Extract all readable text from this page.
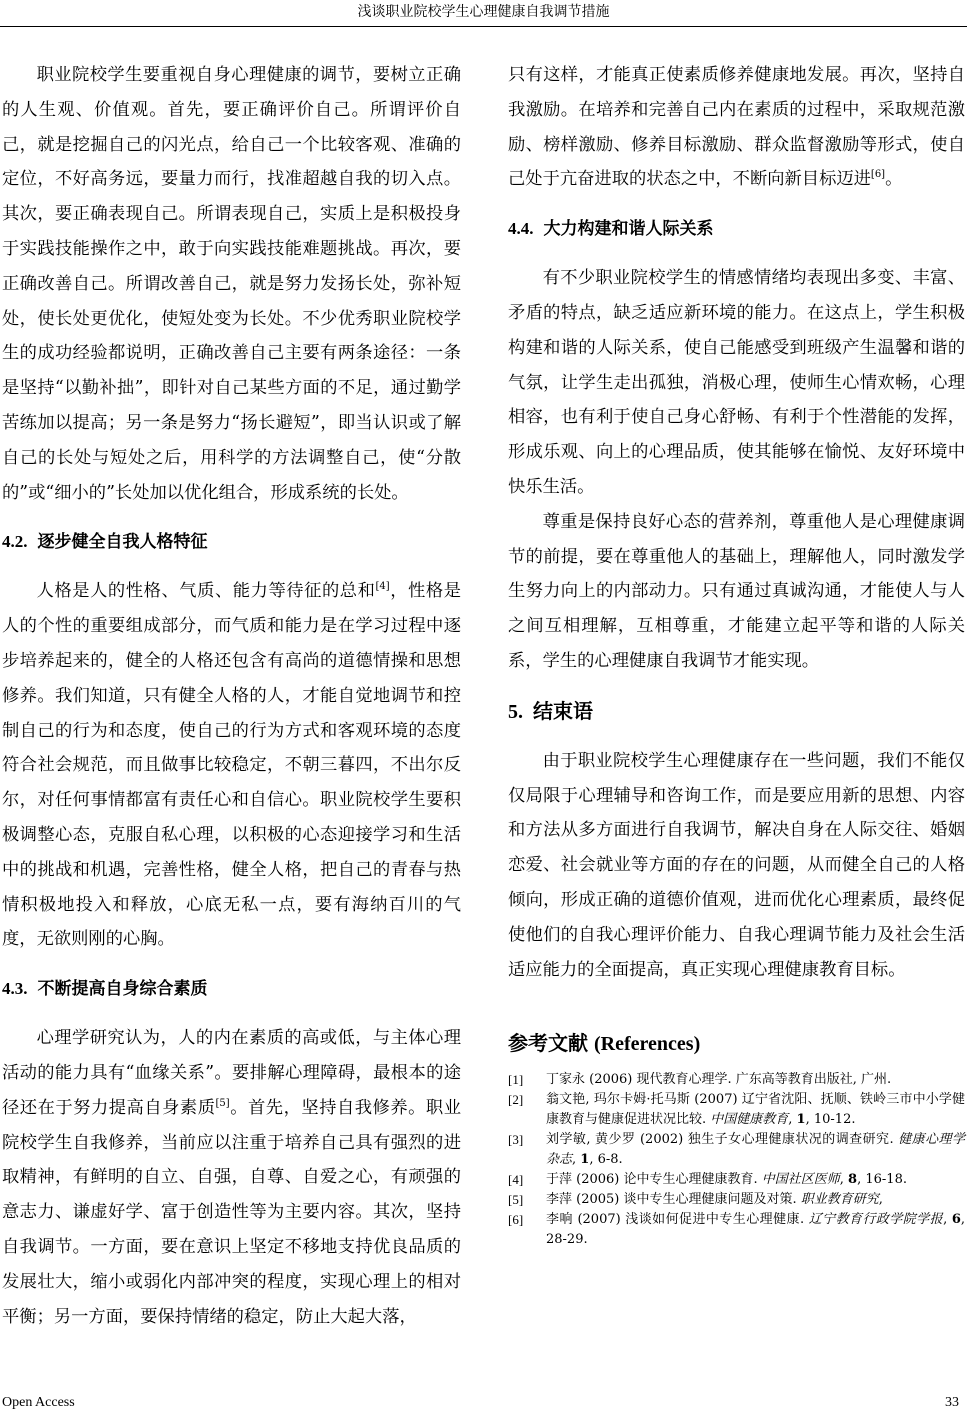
浅谈职业院校学生心理健康自我调节措施

职业院校学生要重视自身心理健康的调节，要树立正确的人生观、价值观。首先，要正确评价自己。所谓评价自己，就是挖掘自己的闪光点，给自己一个比较客观、准确的定位，不好高务远，要量力而行，找准超越自我的切入点。其次，要正确表现自己。所谓表现自己，实质上是积极投身于实践技能操作之中，敢于向实践技能难题挑战。再次，要正确改善自己。所谓改善自己，就是努力发扬长处，弥补短处，使长处更优化，使短处变为长处。不少优秀职业院校学生的成功经验都说明，正确改善自己主要有两条途径：一条是坚持“以勤补拙”，即针对自己某些方面的不足，通过勤学苦练加以提高；另一条是努力“扬长避短”，即当认识或了解自己的长处与短处之后，用科学的方法调整自己，使“分散的”或“细小的”长处加以优化组合，形成系统的长处。

4.2. 逐步健全自我人格特征

人格是人的性格、气质、能力等待征的总和[4]，性格是人的个性的重要组成部分，而气质和能力是在学习过程中逐步培养起来的，健全的人格还包含有高尚的道德情操和思想修养。我们知道，只有健全人格的人，才能自觉地调节和控制自己的行为和态度，使自己的行为方式和客观环境的态度符合社会规范，而且做事比较稳定，不朝三暮四，不出尔反尔，对任何事情都富有责任心和自信心。职业院校学生要积极调整心态，克服自私心理，以积极的心态迎接学习和生活中的挑战和机遇，完善性格，健全人格，把自己的青春与热情积极地投入和释放，心底无私一点，要有海纳百川的气度，无欲则刚的心胸。

4.3. 不断提高自身综合素质

心理学研究认为，人的内在素质的高或低，与主体心理活动的能力具有“血缘关系”。要排解心理障碍，最根本的途径还在于努力提高自身素质[5]。首先，坚持自我修养。职业院校学生自我修养，当前应以注重于培养自己具有强烈的进取精神，有鲜明的自立、自强，自尊、自爱之心，有顽强的意志力、谦虚好学、富于创造性等为主要内容。其次，坚持自我调节。一方面，要在意识上坚定不移地支持优良品质的发展壮大，缩小或弱化内部冲突的程度，实现心理上的相对平衡；另一方面，要保持情绪的稳定，防止大起大落，

只有这样，才能真正使素质修养健康地发展。再次，坚持自我激励。在培养和完善自己内在素质的过程中，采取规范激励、榜样激励、修养目标激励、群众监督激励等形式，使自己处于亢奋进取的状态之中，不断向新目标迈进[6]。

4.4. 大力构建和谐人际关系

有不少职业院校学生的情感情绪均表现出多变、丰富、矛盾的特点，缺乏适应新环境的能力。在这点上，学生积极构建和谐的人际关系，使自己能感受到班级产生温馨和谐的气氛，让学生走出孤独，消极心理，使师生心情欢畅，心理相容，也有利于使自己身心舒畅、有利于个性潜能的发挥，形成乐观、向上的心理品质，使其能够在愉悦、友好环境中快乐生活。

尊重是保持良好心态的营养剂，尊重他人是心理健康调节的前提，要在尊重他人的基础上，理解他人，同时激发学生努力向上的内部动力。只有通过真诚沟通，才能使人与人之间互相理解，互相尊重，才能建立起平等和谐的人际关系，学生的心理健康自我调节才能实现。

5. 结束语

由于职业院校学生心理健康存在一些问题，我们不能仅仅局限于心理辅导和咨询工作，而是要应用新的思想、内容和方法从多方面进行自我调节，解决自身在人际交往、婚姻恋爱、社会就业等方面的存在的问题，从而健全自己的人格倾向，形成正确的道德价值观，进而优化心理素质，最终促使他们的自我心理评价能力、自我心理调节能力及社会生活适应能力的全面提高，真正实现心理健康教育目标。

参考文献 (References)
[1]	丁家永 (2006) 现代教育心理学. 广东高等教育出版社, 广州.
[2]	翁文艳, 玛尔卡姆·托马斯 (2007) 辽宁省沈阳、抚顺、铁岭三市中小学健康教育与健康促进状况比较. 中国健康教育, 1, 10-12.
[3]	刘学敏, 黄少罗 (2002) 独生子女心理健康状况的调查研究. 健康心理学杂志, 1, 6-8.
[4]	于萍 (2006) 论中专生心理健康教育. 中国社区医师, 8, 16-18.
[5]	李萍 (2005) 谈中专生心理健康问题及对策. 职业教育研究,
[6]	李响 (2007) 浅谈如何促进中专生心理健康. 辽宁教育行政学院学报, 6, 28-29.
Open Access	33
